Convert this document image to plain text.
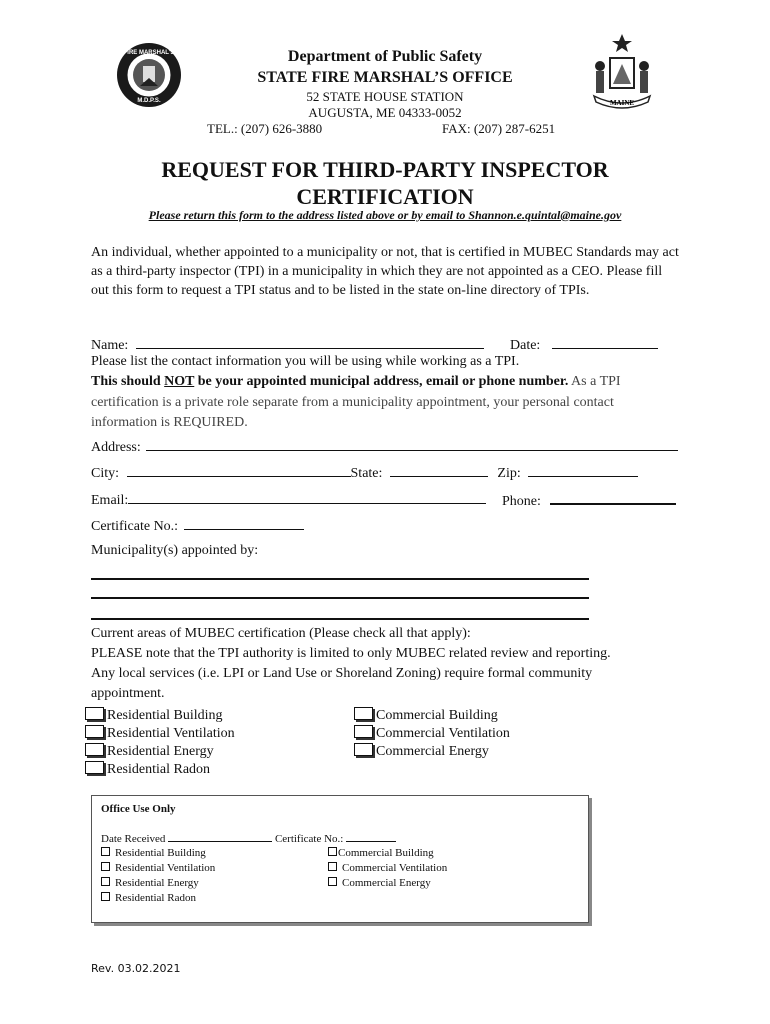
FIRE MARSHAL'S
M.D.P.S.	MAINE
Department of Public Safety
STATE FIRE MARSHAL’S OFFICE
52 STATE HOUSE STATION
AUGUSTA, ME 04333-0052
TEL.: (207) 626-3880	FAX: (207) 287-6251
REQUEST FOR THIRD-PARTY INSPECTOR
CERTIFICATION
Please return this form to the address listed above or by email to Shannon.e.quintal@maine.gov
An individual, whether appointed to a municipality or not, that is certified in MUBEC Standards may act as a third-party inspector (TPI) in a municipality in which they are not appointed as a CEO. Please fill out this form to request a TPI status and to be listed in the state on-line directory of TPIs.
Name:	Date:
Please list the contact information you will be using while working as a TPI.
This should NOT be your appointed municipal address, email or phone number. As a TPI
certification is a private role separate from a municipality appointment, your personal contact
information is REQUIRED.
Address:
City:	State:	Zip:
Email:	Phone:
Certificate No.:
Municipality(s) appointed by:
Current areas of MUBEC certification (Please check all that apply):
PLEASE note that the TPI authority is limited to only MUBEC related review and reporting.
Any local services (i.e. LPI or Land Use or Shoreland Zoning) require formal community
appointment.
Residential Building
Residential Ventilation
Residential Energy
Residential Radon
Commercial Building
Commercial Ventilation
Commercial Energy
Office Use Only
Date Received	Certificate No.:
Residential Building
Residential Ventilation
Residential Energy
Residential Radon
Commercial Building
Commercial Ventilation
Commercial Energy
Rev. 03.02.2021
